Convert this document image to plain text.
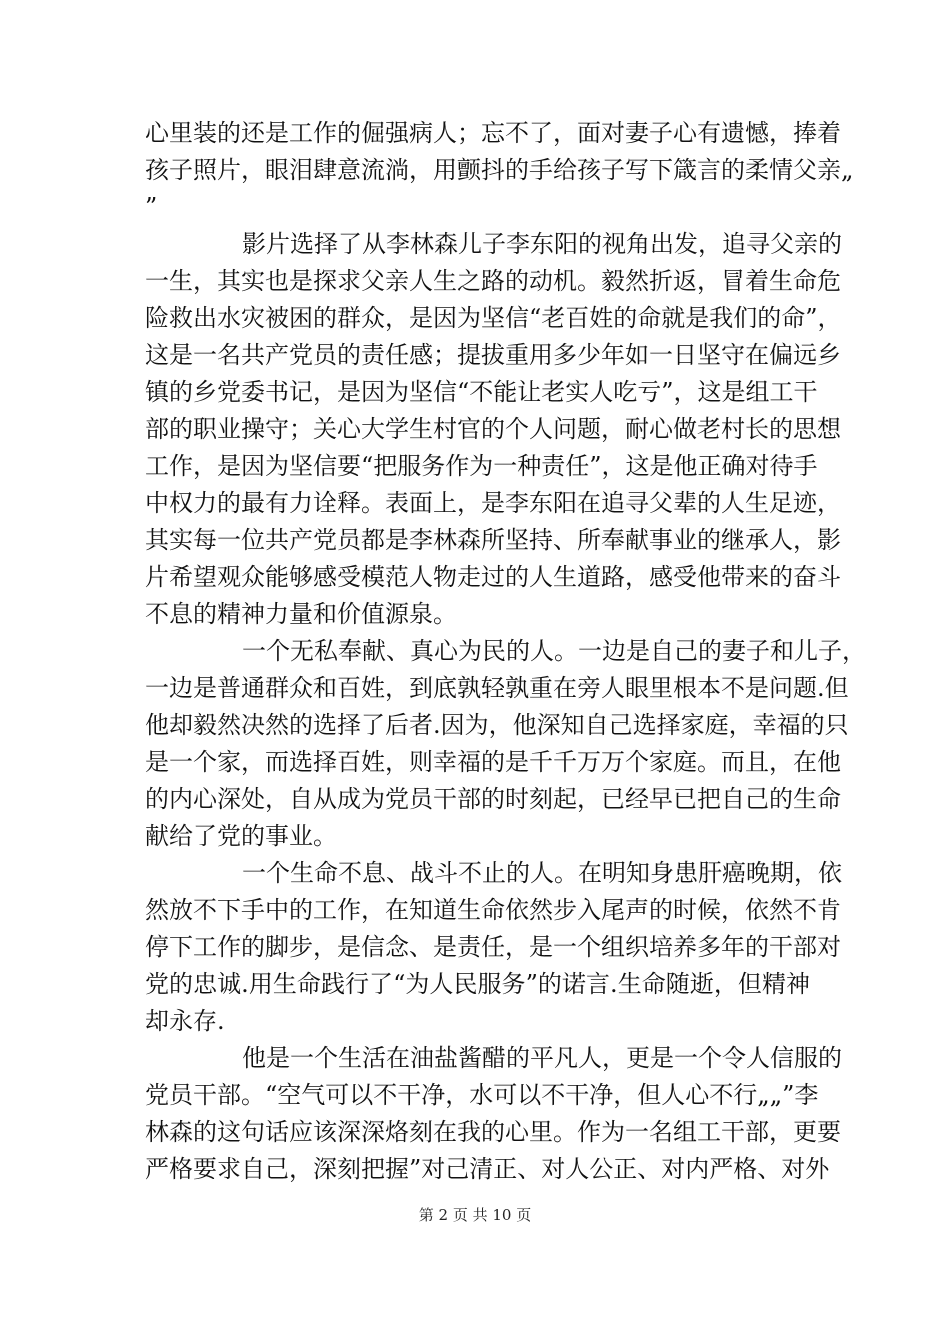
心里装的还是工作的倔强病人；忘不了，面对妻子心有遗憾，捧着

孩子照片，眼泪肆意流淌，用颤抖的手给孩子写下箴言的柔情父亲„

”

影片选择了从李林森儿子李东阳的视角出发，追寻父亲的

一生，其实也是探求父亲人生之路的动机。毅然折返，冒着生命危

险救出水灾被困的群众，是因为坚信“老百姓的命就是我们的命”，

这是一名共产党员的责任感；提拔重用多少年如一日坚守在偏远乡

镇的乡党委书记，是因为坚信“不能让老实人吃亏”，这是组工干

部的职业操守；关心大学生村官的个人问题，耐心做老村长的思想

工作，是因为坚信要“把服务作为一种责任”，这是他正确对待手

中权力的最有力诠释。表面上，是李东阳在追寻父辈的人生足迹，

其实每一位共产党员都是李林森所坚持、所奉献事业的继承人，影

片希望观众能够感受模范人物走过的人生道路，感受他带来的奋斗

不息的精神力量和价值源泉。

一个无私奉献、真心为民的人。一边是自己的妻子和儿子，

一边是普通群众和百姓，到底孰轻孰重在旁人眼里根本不是问题.但

他却毅然决然的选择了后者.因为，他深知自己选择家庭，幸福的只

是一个家，而选择百姓，则幸福的是千千万万个家庭。而且，在他

的内心深处，自从成为党员干部的时刻起，已经早已把自己的生命

献给了党的事业。

一个生命不息、战斗不止的人。在明知身患肝癌晚期，依

然放不下手中的工作，在知道生命依然步入尾声的时候，依然不肯

停下工作的脚步，是信念、是责任，是一个组织培养多年的干部对

党的忠诚.用生命践行了“为人民服务”的诺言.生命随逝，但精神

却永存.

他是一个生活在油盐酱醋的平凡人，更是一个令人信服的

党员干部。“空气可以不干净，水可以不干净，但人心不行„„”李

林森的这句话应该深深烙刻在我的心里。作为一名组工干部，更要

严格要求自己，深刻把握”对己清正、对人公正、对内严格、对外

第 2 页 共 10 页
